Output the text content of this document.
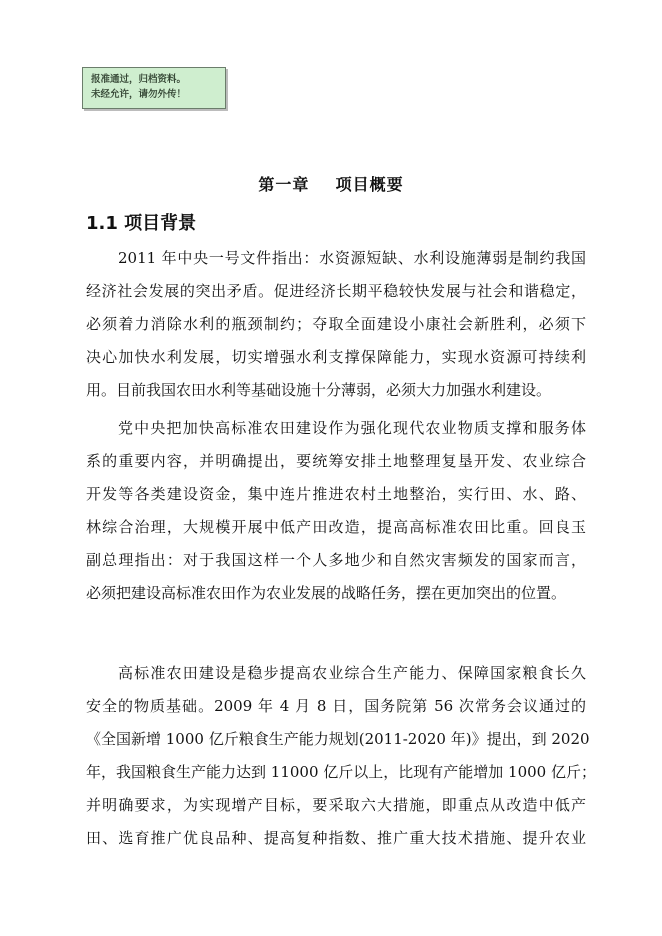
报准通过，归档资料。
未经允许，请勿外传！
第一章    项目概要
1.1 项目背景
2011 年中央一号文件指出：水资源短缺、水利设施薄弱是制约我国
经济社会发展的突出矛盾。促进经济长期平稳较快发展与社会和谐稳定，
必须着力消除水利的瓶颈制约；夺取全面建设小康社会新胜利，必须下
决心加快水利发展，切实增强水利支撑保障能力，实现水资源可持续利
用。目前我国农田水利等基础设施十分薄弱，必须大力加强水利建设。
党中央把加快高标准农田建设作为强化现代农业物质支撑和服务体
系的重要内容，并明确提出，要统筹安排土地整理复垦开发、农业综合
开发等各类建设资金，集中连片推进农村土地整治，实行田、水、路、
林综合治理，大规模开展中低产田改造，提高高标准农田比重。回良玉
副总理指出：对于我国这样一个人多地少和自然灾害频发的国家而言，
必须把建设高标准农田作为农业发展的战略任务，摆在更加突出的位置。
高标准农田建设是稳步提高农业综合生产能力、保障国家粮食长久
安全的物质基础。2009 年 4 月 8 日，国务院第 56 次常务会议通过的
《全国新增 1000 亿斤粮食生产能力规划(2011-2020 年)》提出，到 2020
年，我国粮食生产能力达到 11000 亿斤以上，比现有产能增加 1000 亿斤；
并明确要求，为实现增产目标，要采取六大措施，即重点从改造中低产
田、选育推广优良品种、提高复种指数、推广重大技术措施、提升农业
